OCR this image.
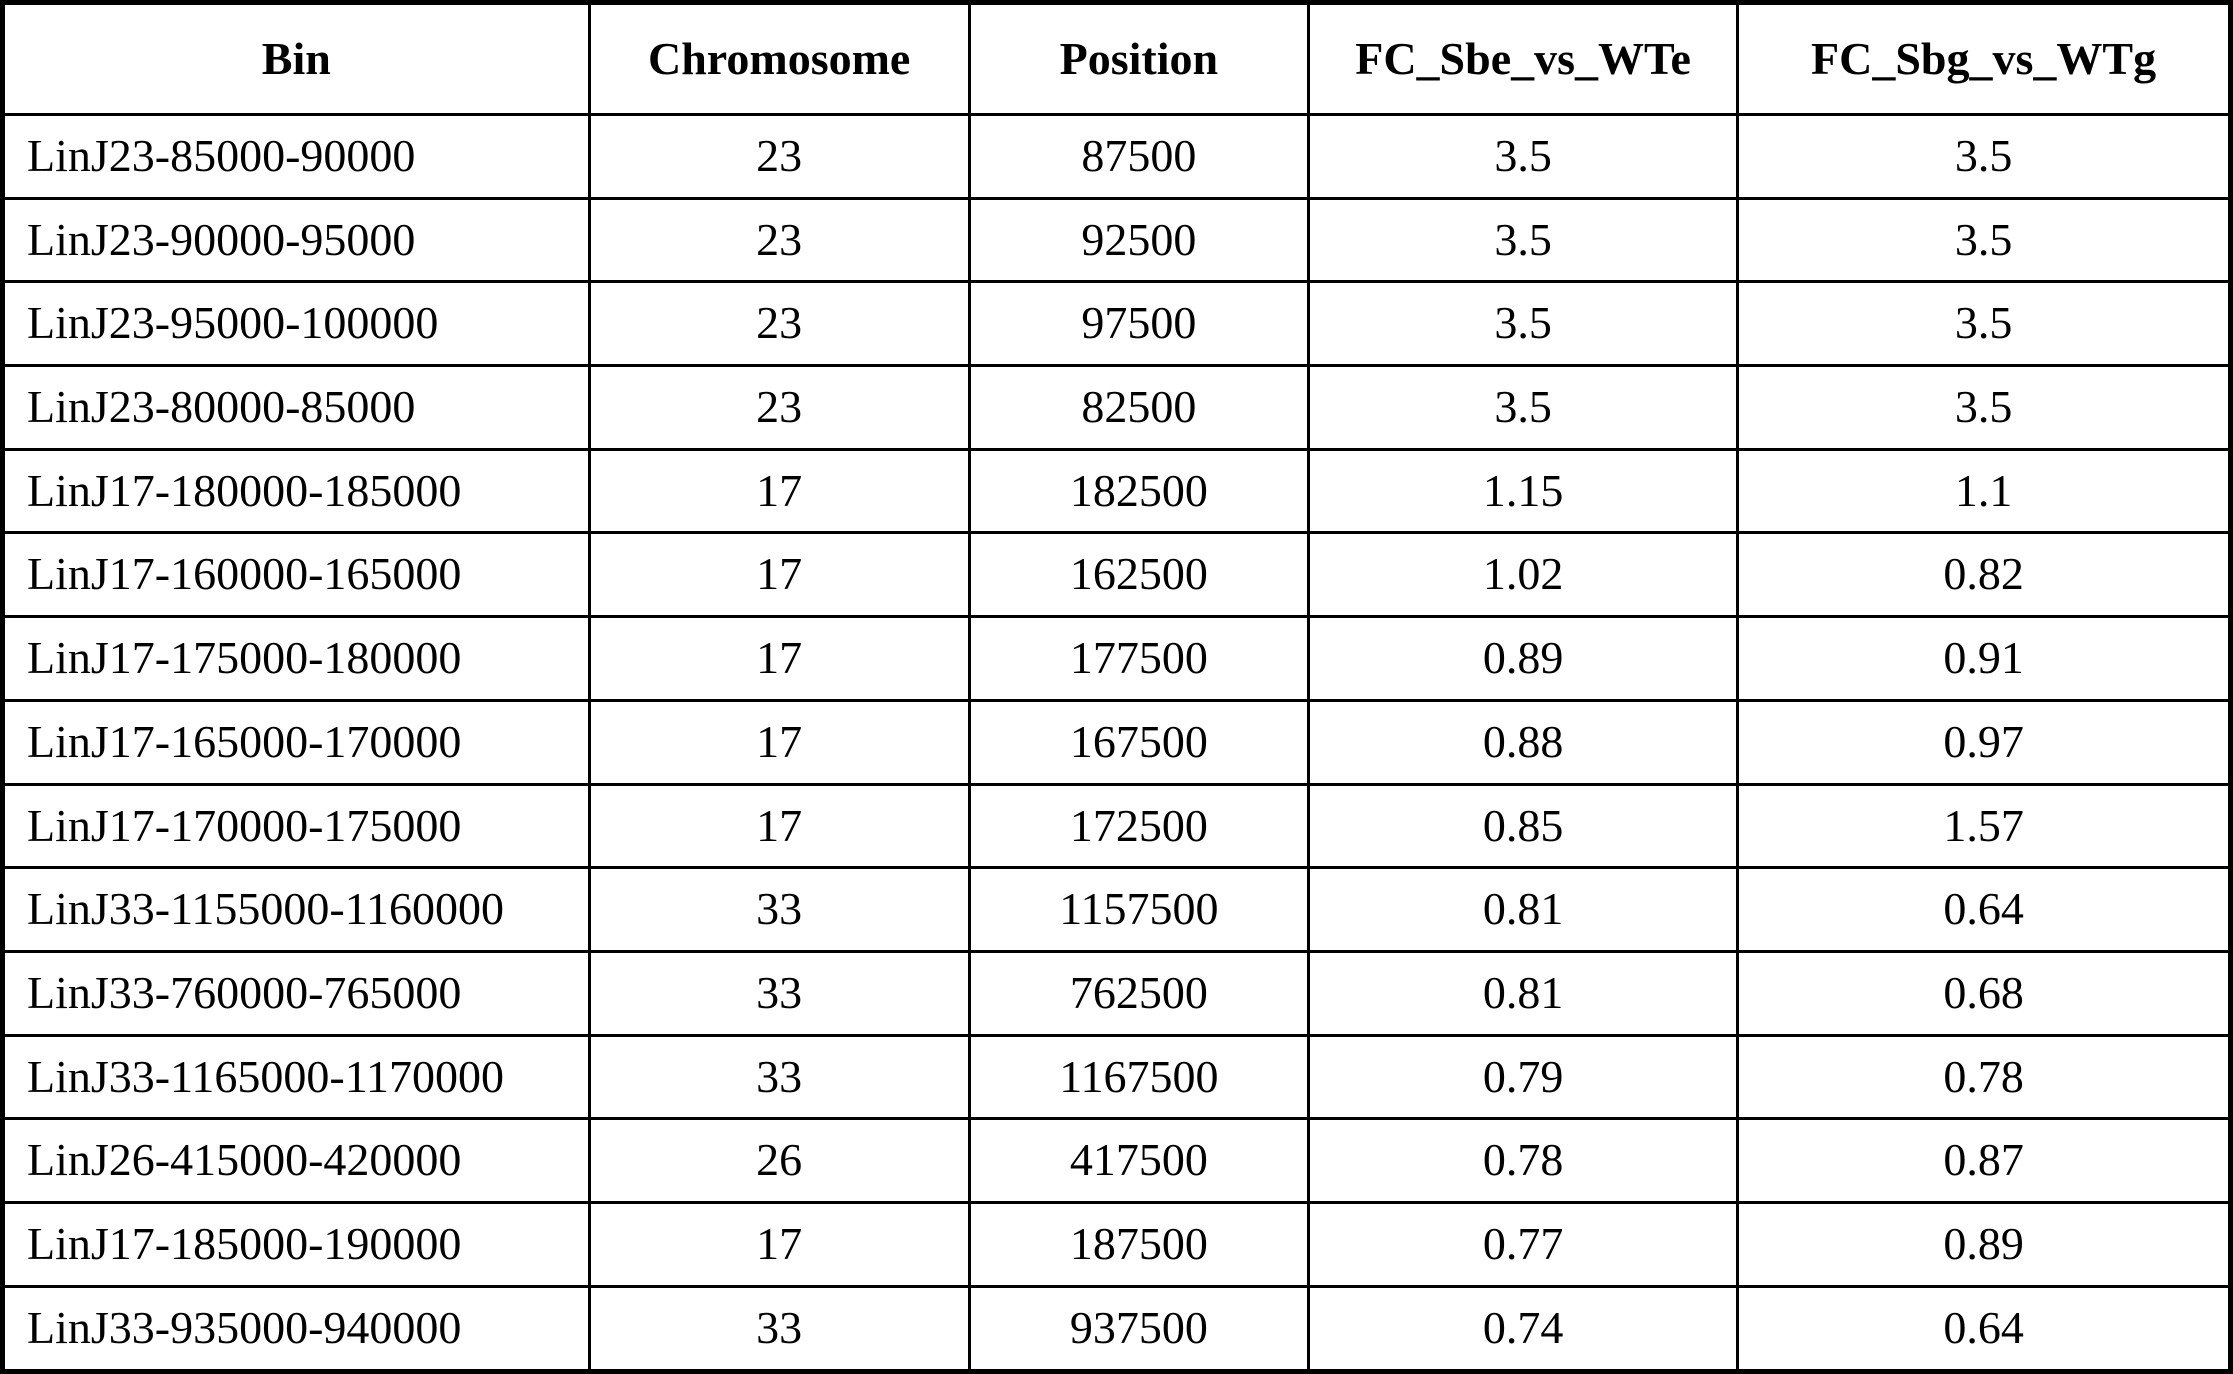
Bin	Chromosome	Position	FC_Sbe_vs_WTe	FC_Sbg_vs_WTg
LinJ23-85000-90000	23	87500	3.5	3.5
LinJ23-90000-95000	23	92500	3.5	3.5
LinJ23-95000-100000	23	97500	3.5	3.5
LinJ23-80000-85000	23	82500	3.5	3.5
LinJ17-180000-185000	17	182500	1.15	1.1
LinJ17-160000-165000	17	162500	1.02	0.82
LinJ17-175000-180000	17	177500	0.89	0.91
LinJ17-165000-170000	17	167500	0.88	0.97
LinJ17-170000-175000	17	172500	0.85	1.57
LinJ33-1155000-1160000	33	1157500	0.81	0.64
LinJ33-760000-765000	33	762500	0.81	0.68
LinJ33-1165000-1170000	33	1167500	0.79	0.78
LinJ26-415000-420000	26	417500	0.78	0.87
LinJ17-185000-190000	17	187500	0.77	0.89
LinJ33-935000-940000	33	937500	0.74	0.64
